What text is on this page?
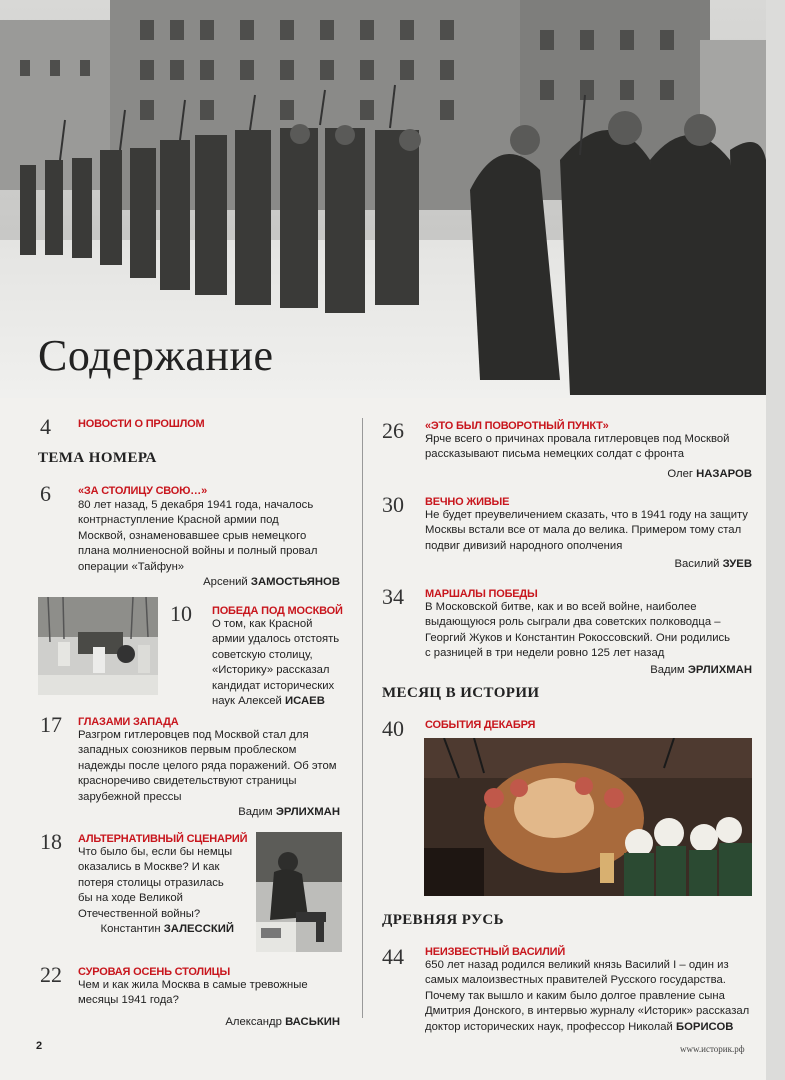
Содержание
4 НОВОСТИ О ПРОШЛОМ
ТЕМА НОМЕРА
6 «ЗА СТОЛИЦУ СВОЮ…»
80 лет назад, 5 декабря 1941 года, началось
контрнаступление Красной армии под
Москвой, ознаменовавшее срыв немецкого
плана молниеносной войны и полный провал
операции «Тайфун»
Арсений ЗАМОСТЬЯНОВ
10 ПОБЕДА ПОД МОСКВОЙ
О том, как Красной
армии удалось отстоять
советскую столицу,
«Историку» рассказал
кандидат исторических
наук Алексей ИСАЕВ
17 ГЛАЗАМИ ЗАПАДА
Разгром гитлеровцев под Москвой стал для
западных союзников первым проблеском
надежды после целого ряда поражений. Об этом
красноречиво свидетельствуют страницы
зарубежной прессы
Вадим ЭРЛИХМАН
18 АЛЬТЕРНАТИВНЫЙ СЦЕНАРИЙ
Что было бы, если бы немцы
оказались в Москве? И как
потеря столицы отразилась
бы на ходе Великой
Отечественной войны?
Константин ЗАЛЕССКИЙ
22 СУРОВАЯ ОСЕНЬ СТОЛИЦЫ
Чем и как жила Москва в самые тревожные
месяцы 1941 года?
Александр ВАСЬКИН
26 «ЭТО БЫЛ ПОВОРОТНЫЙ ПУНКТ»
Ярче всего о причинах провала гитлеровцев под Москвой
рассказывают письма немецких солдат с фронта
Олег НАЗАРОВ
30 ВЕЧНО ЖИВЫЕ
Не будет преувеличением сказать, что в 1941 году на защиту
Москвы встали все от мала до велика. Примером тому стал
подвиг дивизий народного ополчения
Василий ЗУЕВ
34 МАРШАЛЫ ПОБЕДЫ
В Московской битве, как и во всей войне, наиболее
выдающуюся роль сыграли два советских полководца –
Георгий Жуков и Константин Рокоссовский. Они родились
с разницей в три недели ровно 125 лет назад
Вадим ЭРЛИХМАН
МЕСЯЦ В ИСТОРИИ
40 СОБЫТИЯ ДЕКАБРЯ
ДРЕВНЯЯ РУСЬ
44 НЕИЗВЕСТНЫЙ ВАСИЛИЙ
650 лет назад родился великий князь Василий I – один из
самых малоизвестных правителей Русского государства.
Почему так вышло и каким было долгое правление сына
Дмитрия Донского, в интервью журналу «Историк» рассказал
доктор исторических наук, профессор Николай БОРИСОВ
2	www.историк.рф
